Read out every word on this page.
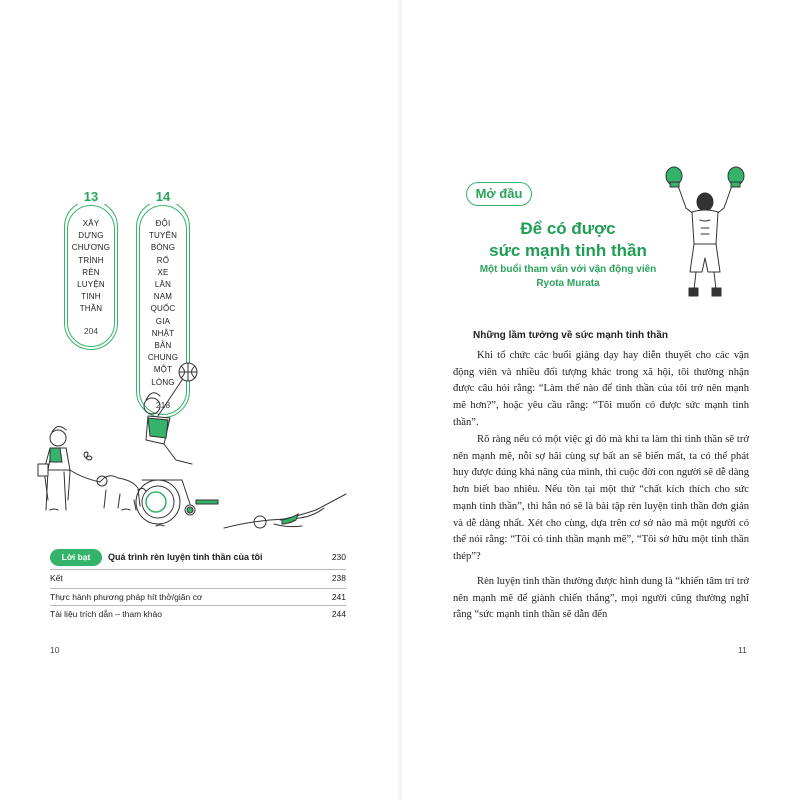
13
XÂY
DỰNG
CHƯƠNG
TRÌNH
RÈN
LUYỆN
TINH
THẦN
204
14
ĐỘI
TUYỂN
BÓNG
RỔ
XE
LĂN
NAM
QUỐC
GIA
NHẬT
BẢN
CHUNG
MỘT
LÒNG
218
Lời bạt	Quá trình rèn luyện tinh thần của tôi	230
Kết	238
Thực hành phương pháp hít thở/giãn cơ	241
Tài liệu trích dẫn – tham khảo	244
10
Mở đầu
Để có được
sức mạnh tinh thần
Một buổi tham vấn với vận động viên
Ryota Murata
Những lầm tưởng về sức mạnh tinh thần
Khi tổ chức các buổi giảng dạy hay diễn thuyết cho các vận động viên và nhiều đối tượng khác trong xã hội, tôi thường nhận được câu hỏi rằng: “Làm thế nào để tinh thần của tôi trở nên mạnh mẽ hơn?”, hoặc yêu cầu rằng: “Tôi muốn có được sức mạnh tinh thần”.
Rõ ràng nếu có một việc gì đó mà khi ta làm thì tinh thần sẽ trở nên mạnh mẽ, nỗi sợ hãi cùng sự bất an sẽ biến mất, ta có thể phát huy được đúng khả năng của mình, thì cuộc đời con người sẽ dễ dàng hơn biết bao nhiêu. Nếu tồn tại một thứ “chất kích thích cho sức mạnh tinh thần”, thì hẳn nó sẽ là bài tập rèn luyện tinh thần đơn giản và dễ dàng nhất. Xét cho cùng, dựa trên cơ sở nào mà một người có thể nói rằng: “Tôi có tinh thần mạnh mẽ”, “Tôi sở hữu một tinh thần thép”?
Rèn luyện tinh thần thường được hình dung là “khiến tâm trí trở nên mạnh mẽ để giành chiến thắng”, mọi người cũng thường nghĩ rằng “sức mạnh tinh thần sẽ dẫn đến
11
